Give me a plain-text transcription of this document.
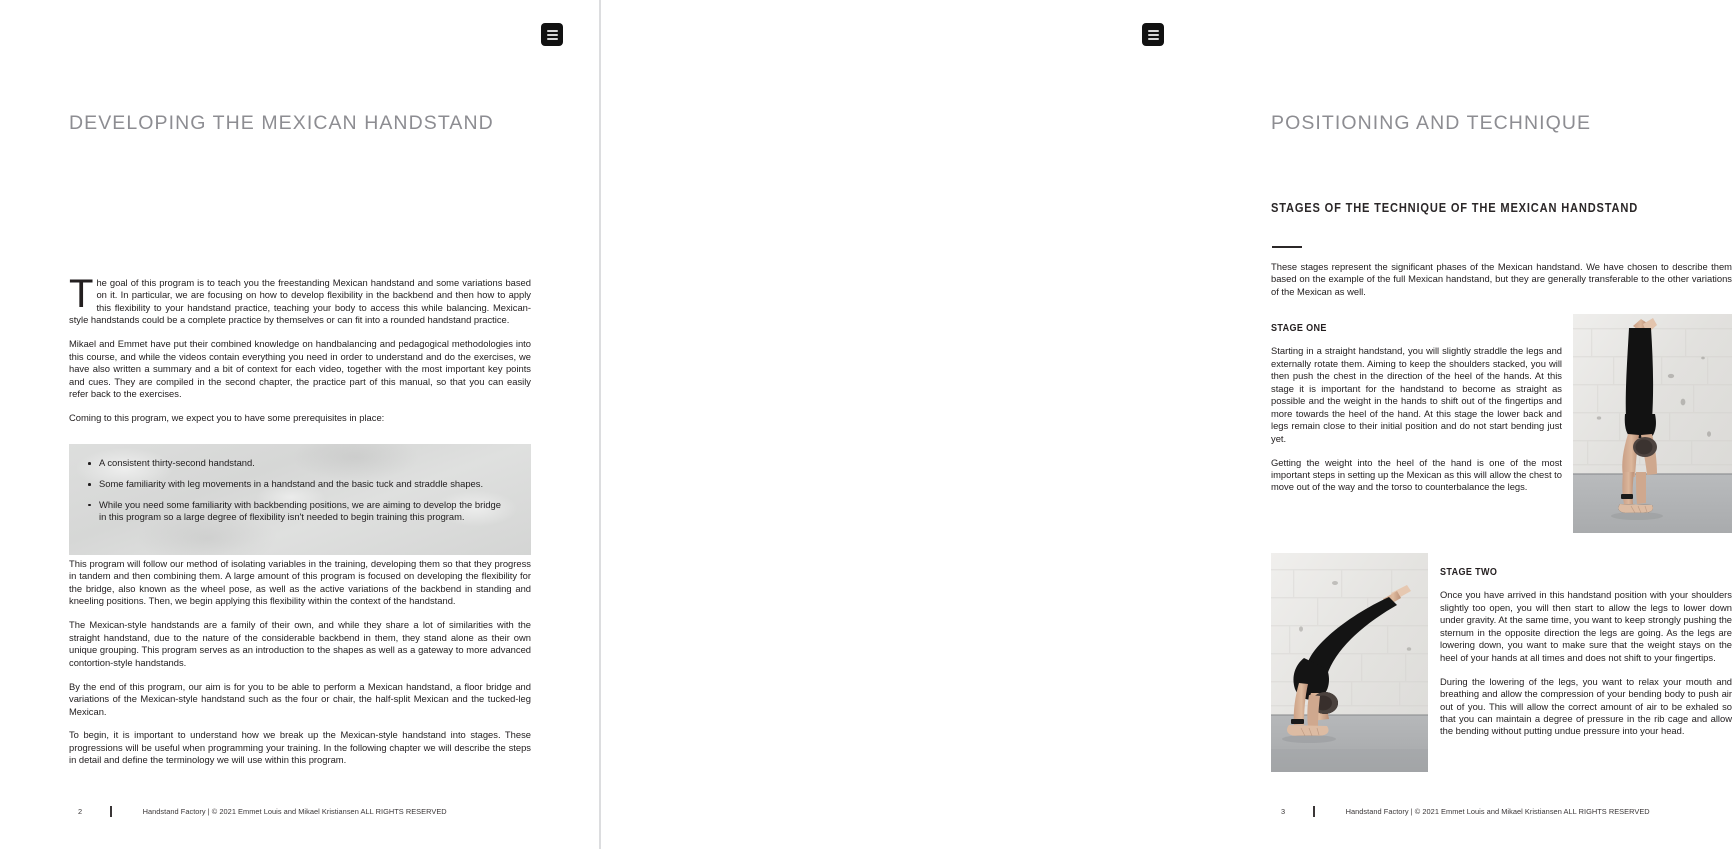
DEVELOPING THE MEXICAN HANDSTAND

The goal of this program is to teach you the freestanding Mexican handstand and some variations based on it. In particular, we are focusing on how to develop flexibility in the backbend and then how to apply this flexibility to your handstand practice, teaching your body to access this while balancing. Mexican-style handstands could be a complete practice by themselves or can fit into a rounded handstand practice.

Mikael and Emmet have put their combined knowledge on handbalancing and pedagogical methodologies into this course, and while the videos contain everything you need in order to understand and do the exercises, we have also written a summary and a bit of context for each video, together with the most important key points and cues. They are compiled in the second chapter, the practice part of this manual, so that you can easily refer back to the exercises.

Coming to this program, we expect you to have some prerequisites in place:

A consistent thirty-second handstand.
Some familiarity with leg movements in a handstand and the basic tuck and straddle shapes.
While you need some familiarity with backbending positions, we are aiming to develop the bridge in this program so a large degree of flexibility isn't needed to begin training this program.

This program will follow our method of isolating variables in the training, developing them so that they progress in tandem and then combining them. A large amount of this program is focused on developing the flexibility for the bridge, also known as the wheel pose, as well as the active variations of the backbend in standing and kneeling positions. Then, we begin applying this flexibility within the context of the handstand.

The Mexican-style handstands are a family of their own, and while they share a lot of similarities with the straight handstand, due to the nature of the considerable backbend in them, they stand alone as their own unique grouping. This program serves as an introduction to the shapes as well as a gateway to more advanced contortion-style handstands.

By the end of this program, our aim is for you to be able to perform a Mexican handstand, a floor bridge and variations of the Mexican-style handstand such as the four or chair, the half-split Mexican and the tucked-leg Mexican.

To begin, it is important to understand how we break up the Mexican-style handstand into stages. These progressions will be useful when programming your training. In the following chapter we will describe the steps in detail and define the terminology we will use within this program.

2	Handstand Factory | © 2021 Emmet Louis and Mikael Kristiansen ALL RIGHTS RESERVED
POSITIONING AND TECHNIQUE
STAGES OF THE TECHNIQUE OF THE MEXICAN HANDSTAND

These stages represent the significant phases of the Mexican handstand. We have chosen to describe them based on the example of the full Mexican handstand, but they are generally transferable to the other variations of the Mexican as well.

STAGE ONE

Starting in a straight handstand, you will slightly straddle the legs and externally rotate them. Aiming to keep the shoulders stacked, you will then push the chest in the direction of the heel of the hands. At this stage it is important for the handstand to become as straight as possible and the weight in the hands to shift out of the fingertips and more towards the heel of the hand. At this stage the lower back and legs remain close to their initial position and do not start bending just yet.

Getting the weight into the heel of the hand is one of the most important steps in setting up the Mexican as this will allow the chest to move out of the way and the torso to counterbalance the legs.

STAGE TWO

Once you have arrived in this handstand position with your shoulders slightly too open, you will then start to allow the legs to lower down under gravity. At the same time, you want to keep strongly pushing the sternum in the opposite direction the legs are going. As the legs are lowering down, you want to make sure that the weight stays on the heel of your hands at all times and does not shift to your fingertips.

During the lowering of the legs, you want to relax your mouth and breathing and allow the compression of your bending body to push air out of you. This will allow the correct amount of air to be exhaled so that you can maintain a degree of pressure in the rib cage and allow the bending without putting undue pressure into your head.

3	Handstand Factory | © 2021 Emmet Louis and Mikael Kristiansen ALL RIGHTS RESERVED
